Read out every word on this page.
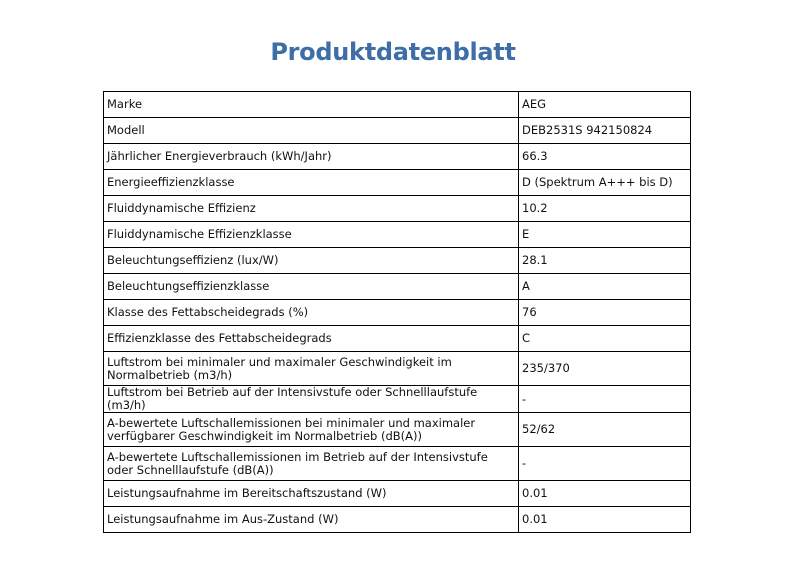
Produktdatenblatt
Marke	AEG
Modell	DEB2531S 942150824
Jährlicher Energieverbrauch (kWh/Jahr)	66.3
Energieeffizienzklasse	D (Spektrum A+++ bis D)
Fluiddynamische Effizienz	10.2
Fluiddynamische Effizienzklasse	E
Beleuchtungseffizienz (lux/W)	28.1
Beleuchtungseffizienzklasse	A
Klasse des Fettabscheidegrads (%)	76
Effizienzklasse des Fettabscheidegrads	C
Luftstrom bei minimaler und maximaler Geschwindigkeit im Normalbetrieb (m3/h)	235/370
Luftstrom bei Betrieb auf der Intensivstufe oder Schnelllaufstufe (m3/h)	-
A-bewertete Luftschallemissionen bei minimaler und maximaler verfügbarer Geschwindigkeit im Normalbetrieb (dB(A))	52/62
A-bewertete Luftschallemissionen im Betrieb auf der Intensivstufe oder Schnelllaufstufe (dB(A))	-
Leistungsaufnahme im Bereitschaftszustand (W)	0.01
Leistungsaufnahme im Aus-Zustand (W)	0.01
